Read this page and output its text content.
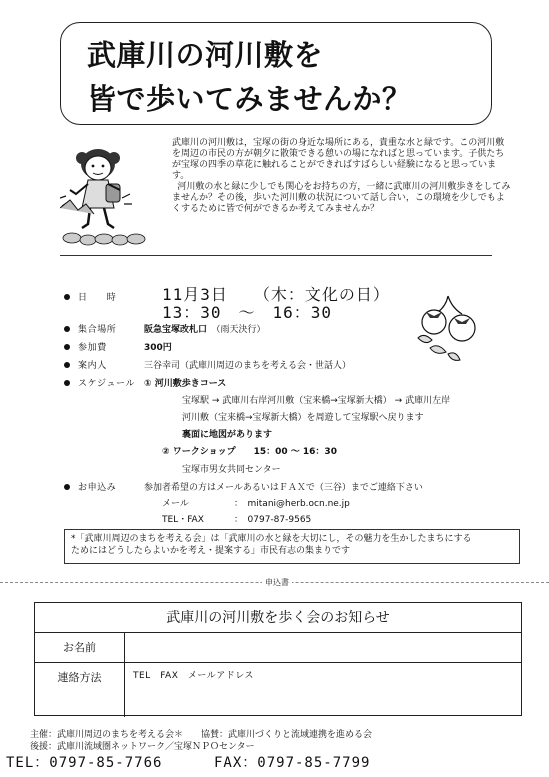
武庫川の河川敷を
皆で歩いてみませんか？

武庫川の河川敷は，宝塚の街の身近な場所にある，貴重な水と緑です。この河川敷を周辺の市民の方が朝夕に散策できる憩いの場になればと思っています。子供たちが宝塚の四季の草花に触れることができればすばらしい経験になると思っています。

河川敷の水と緑に少しでも関心をお持ちの方，一緒に武庫川の河川敷歩きをしてみませんか？その後，歩いた河川敷の状況について話し合い，この環境を少しでもよくするために皆で何ができるか考えてみませんか？

日　　時	11月3日　　（木：文化の日）
13：30　～　16：30
集合場所	阪急宝塚改札口　 （雨天決行）
参加費	300円
案内人	三谷幸司（武庫川周辺のまちを考える会・世話人）
スケジュール ① 河川敷歩きコース
宝塚駅 → 武庫川右岸河川敷（宝来橋→宝塚新大橋） → 武庫川左岸
河川敷（宝来橋→宝塚新大橋）を周遊して宝塚駅へ戻ります
裏面に地図があります
② ワークショップ　　 15：00 ～ 16：30
宝塚市男女共同センター
お申込み	参加者希望の方はメールあるいはＦＡＸで（三谷）までご連絡下さい
メール	：　mitani@herb.ocn.ne.jp
TEL・FAX	：　0797-87-9565
*「武庫川周辺のまちを考える会」は「武庫川の水と緑を大切にし，その魅力を生かしたまちにする
ためにはどうしたらよいかを考え・提案する」市民有志の集まりです
申込書
武庫川の河川敷を歩く会のお知らせ
お名前
連絡方法	TEL　FAX　メールアドレス
主催：武庫川周辺のまちを考える会＊　　協賛：武庫川づくりと流域連携を進める会
後援：武庫川流域圏ネットワーク／宝塚ＮＰＯセンター
TEL：0797-85-7766	FAX：0797-85-7799
